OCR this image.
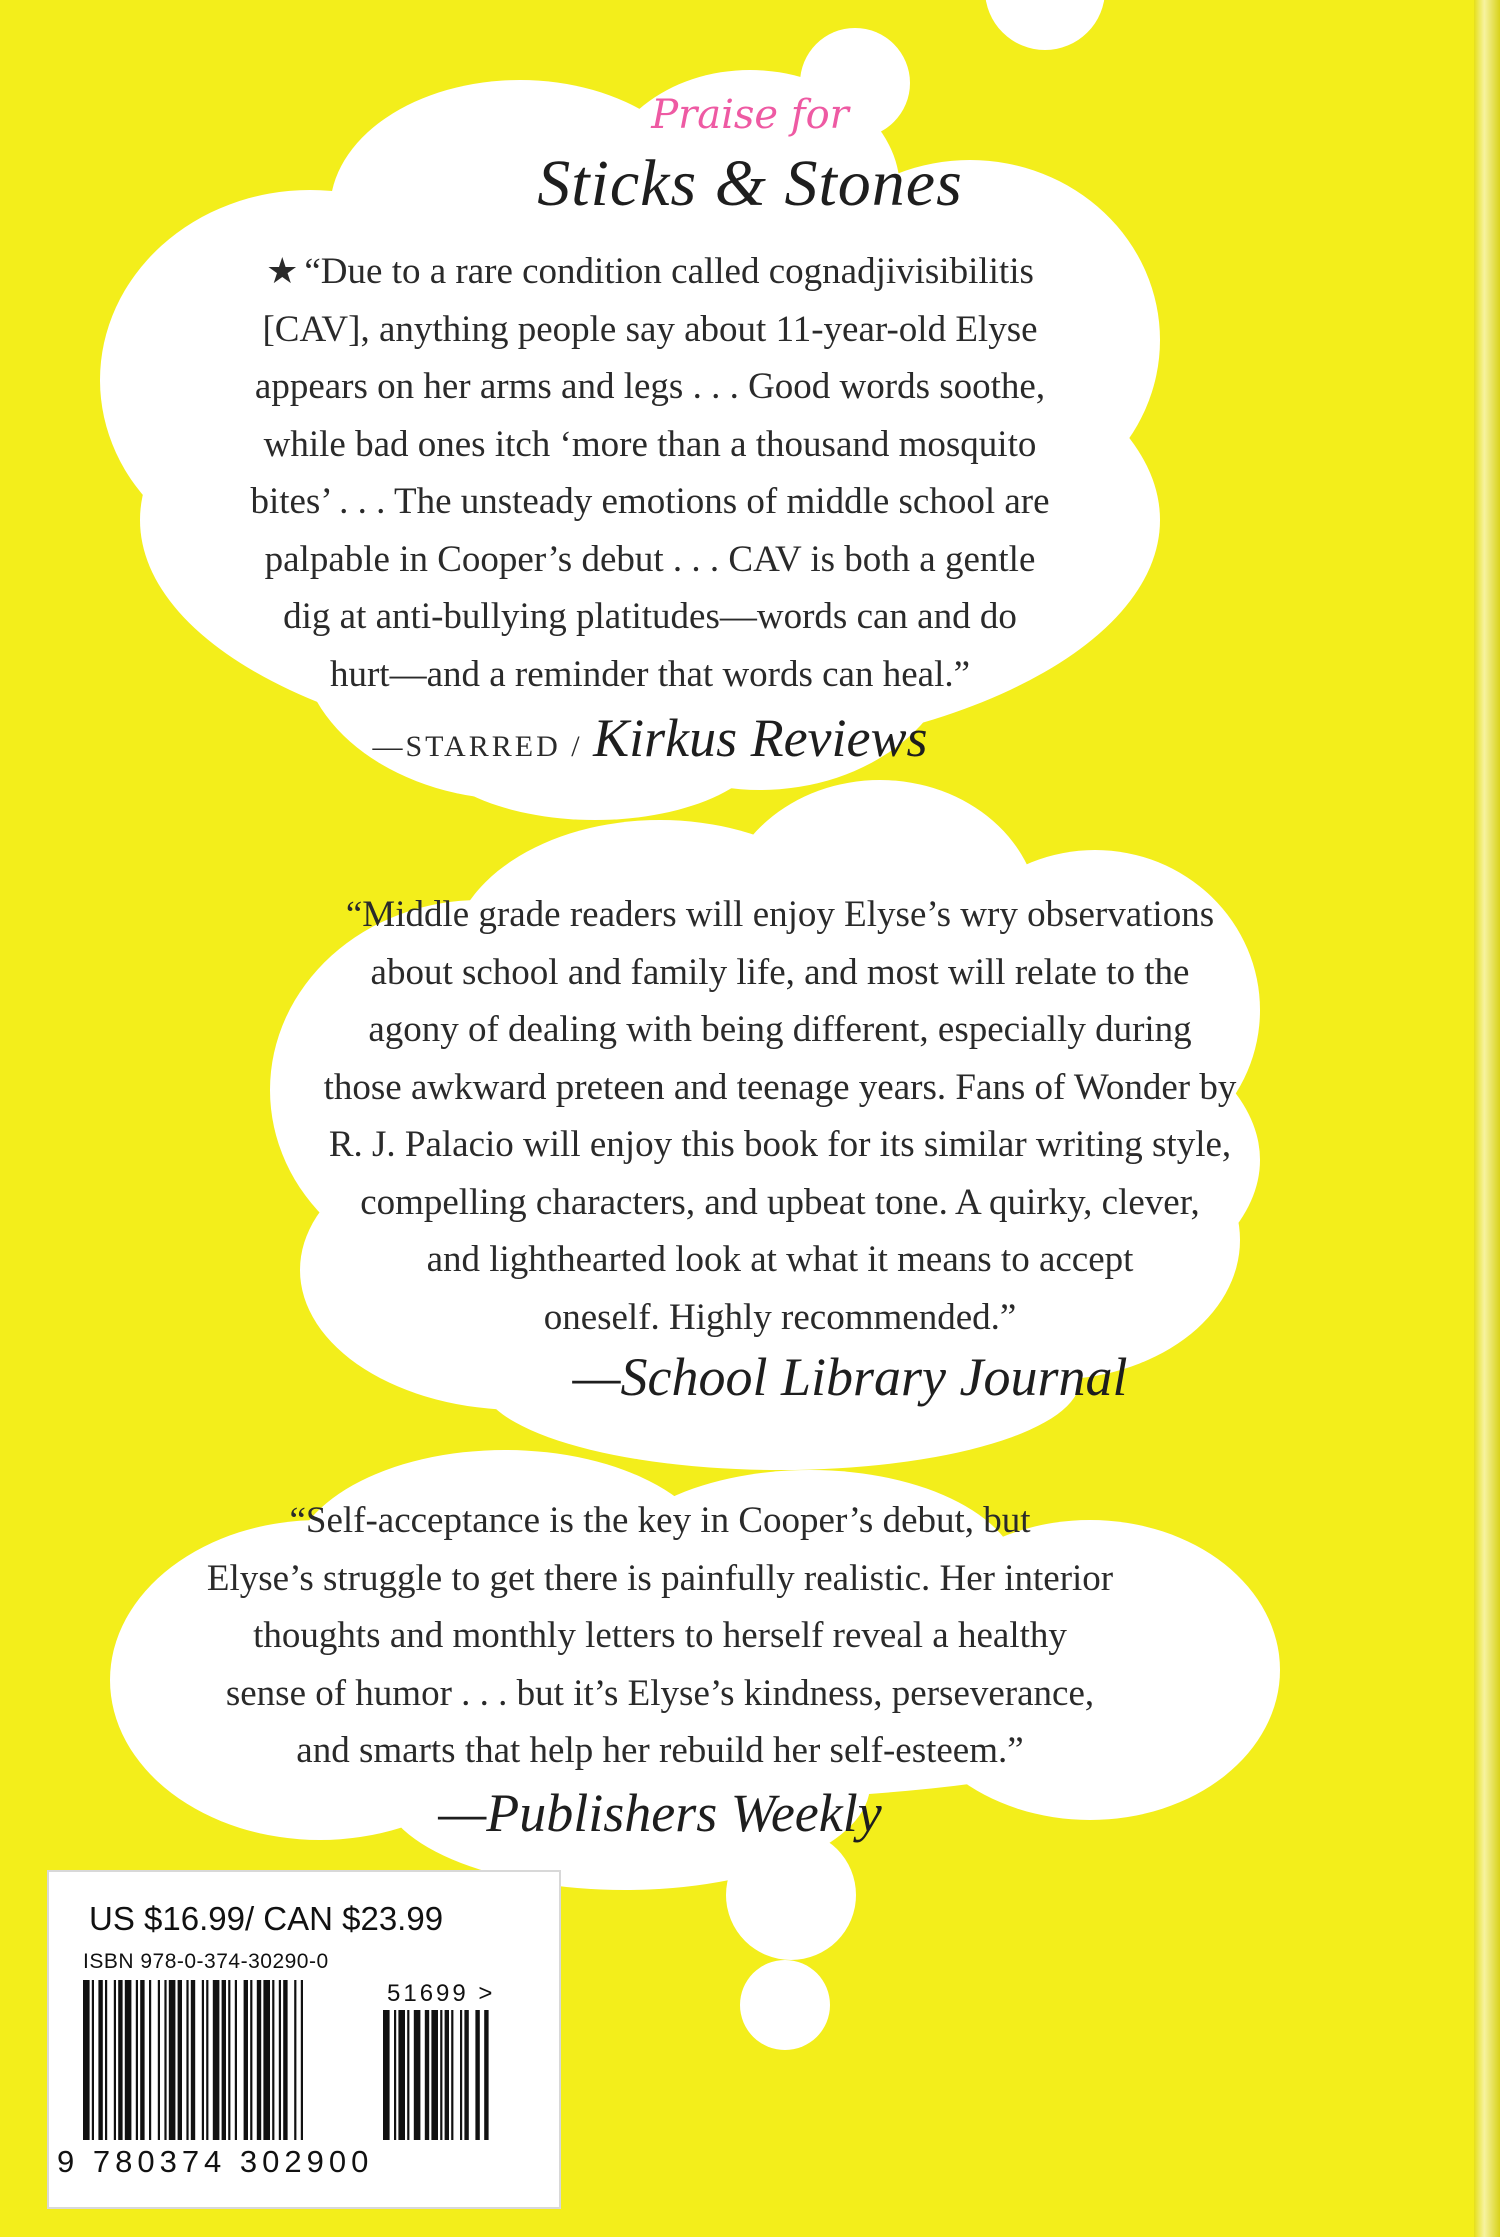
Praise for
Sticks & Stones
★ “Due to a rare condition called cognadjivisibilitis
[CAV], anything people say about 11-year-old Elyse
appears on her arms and legs . . . Good words soothe,
while bad ones itch ‘more than a thousand mosquito
bites’ . . . The unsteady emotions of middle school are
palpable in Cooper’s debut . . . CAV is both a gentle
dig at anti-bullying platitudes—words can and do
hurt—and a reminder that words can heal.”
—STARRED / Kirkus Reviews
“Middle grade readers will enjoy Elyse’s wry observations
about school and family life, and most will relate to the
agony of dealing with being different, especially during
those awkward preteen and teenage years. Fans of Wonder by
R. J. Palacio will enjoy this book for its similar writing style,
compelling characters, and upbeat tone. A quirky, clever,
and lighthearted look at what it means to accept
oneself. Highly recommended.”
—School Library Journal
“Self-acceptance is the key in Cooper’s debut, but
Elyse’s struggle to get there is painfully realistic. Her interior
thoughts and monthly letters to herself reveal a healthy
sense of humor . . . but it’s Elyse’s kindness, perseverance,
and smarts that help her rebuild her self-esteem.”
—Publishers Weekly
US $16.99/ CAN $23.99
ISBN 978-0-374-30290-0
51699 >
9 780374 302900
